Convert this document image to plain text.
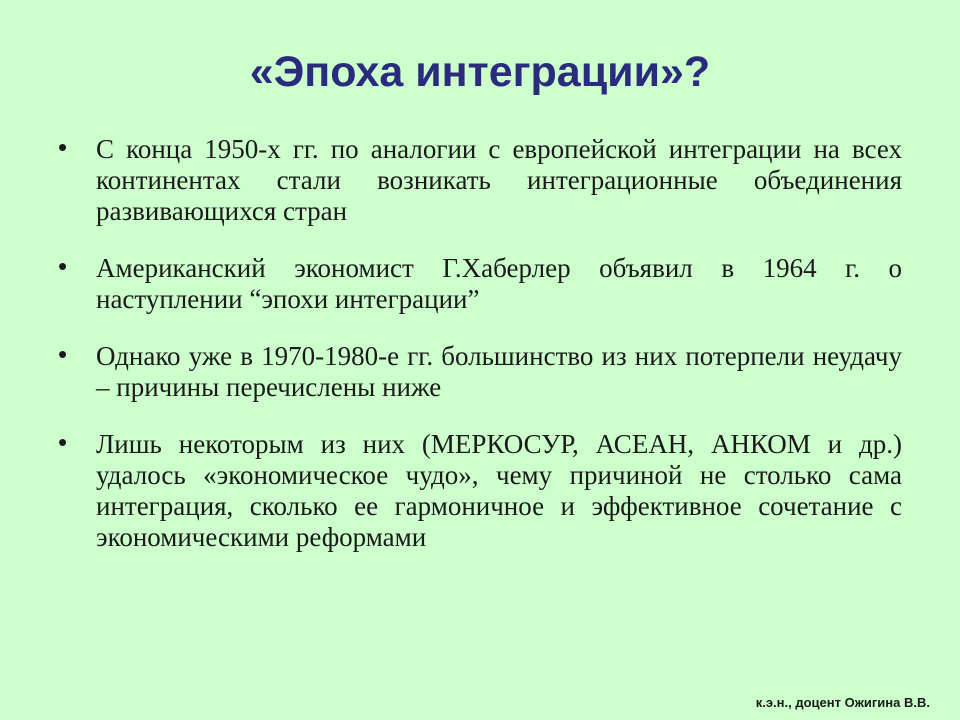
«Эпоха интеграции»?
• С конца 1950-х гг. по аналогии с европейской интеграции на всех континентах стали возникать интеграционные объединения развивающихся стран
• Американский экономист Г.Хаберлер объявил в 1964 г. о наступлении “эпохи интеграции”
• Однако уже в 1970-1980-е гг. большинство из них потерпели неудачу – причины перечислены ниже
• Лишь некоторым из них (МЕРКОСУР, АСЕАН, АНКОМ и др.) удалось «экономическое чудо», чему причиной не столько сама интеграция, сколько ее гармоничное и эффективное сочетание с экономическими реформами

к.э.н., доцент Ожигина В.В.
